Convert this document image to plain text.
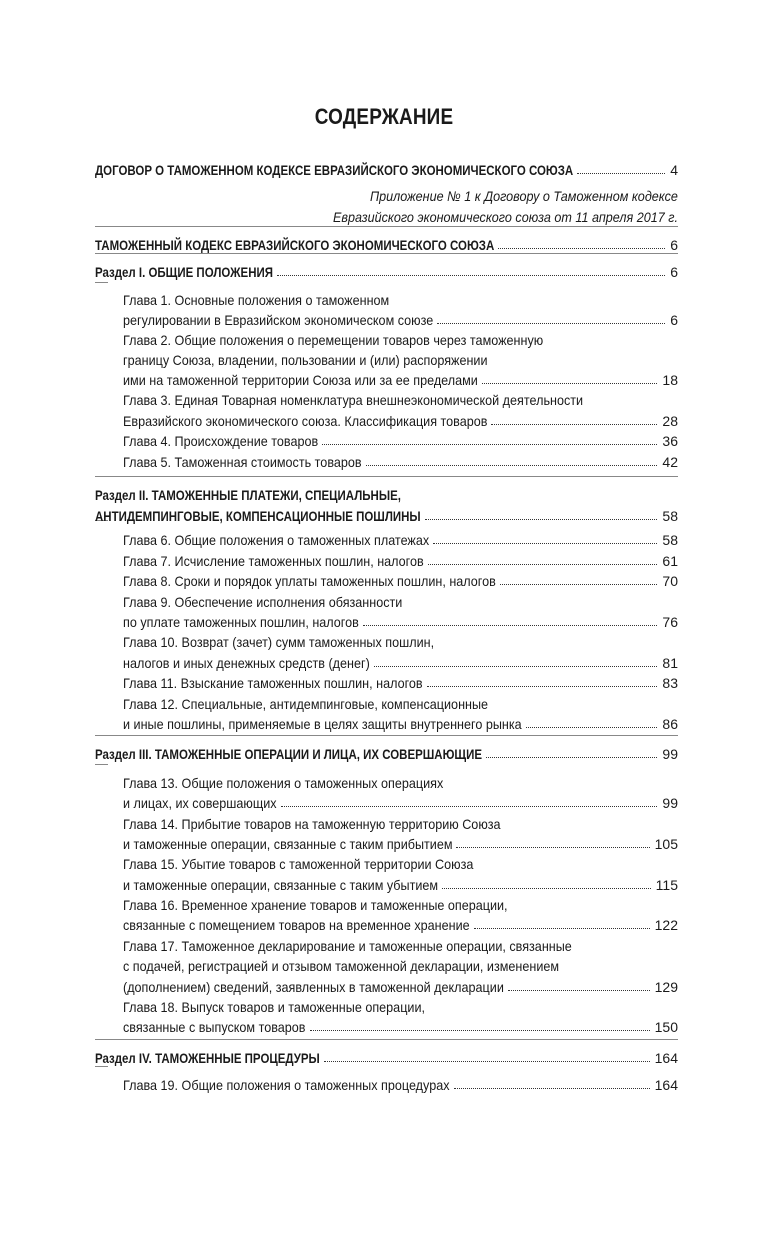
СОДЕРЖАНИЕ
ДОГОВОР О ТАМОЖЕННОМ КОДЕКСЕ ЕВРАЗИЙСКОГО ЭКОНОМИЧЕСКОГО СОЮЗА	4
Приложение № 1 к Договору о Таможенном кодексе
Евразийского экономического союза от 11 апреля 2017 г.
ТАМОЖЕННЫЙ КОДЕКС ЕВРАЗИЙСКОГО ЭКОНОМИЧЕСКОГО СОЮЗА	6
Раздел I. ОБЩИЕ ПОЛОЖЕНИЯ	6
Глава 1. Основные положения о таможенном
регулировании в Евразийском экономическом союзе	6
Глава 2. Общие положения о перемещении товаров через таможенную
границу Союза, владении, пользовании и (или) распоряжении
ими на таможенной территории Союза или за ее пределами	18
Глава 3. Единая Товарная номенклатура внешнеэкономической деятельности
Евразийского экономического союза. Классификация товаров	28
Глава 4. Происхождение товаров	36
Глава 5. Таможенная стоимость товаров	42
Раздел II. ТАМОЖЕННЫЕ ПЛАТЕЖИ, СПЕЦИАЛЬНЫЕ,
АНТИДЕМПИНГОВЫЕ, КОМПЕНСАЦИОННЫЕ ПОШЛИНЫ	58
Глава 6. Общие положения о таможенных платежах	58
Глава 7. Исчисление таможенных пошлин, налогов	61
Глава 8. Сроки и порядок уплаты таможенных пошлин, налогов	70
Глава 9. Обеспечение исполнения обязанности
по уплате таможенных пошлин, налогов	76
Глава 10. Возврат (зачет) сумм таможенных пошлин,
налогов и иных денежных средств (денег)	81
Глава 11. Взыскание таможенных пошлин, налогов	83
Глава 12. Специальные, антидемпинговые, компенсационные
и иные пошлины, применяемые в целях защиты внутреннего рынка	86
Раздел III. ТАМОЖЕННЫЕ ОПЕРАЦИИ И ЛИЦА, ИХ СОВЕРШАЮЩИЕ	99
Глава 13. Общие положения о таможенных операциях
и лицах, их совершающих	99
Глава 14. Прибытие товаров на таможенную территорию Союза
и таможенные операции, связанные с таким прибытием	105
Глава 15. Убытие товаров с таможенной территории Союза
и таможенные операции, связанные с таким убытием	115
Глава 16. Временное хранение товаров и таможенные операции,
связанные с помещением товаров на временное хранение	122
Глава 17. Таможенное декларирование и таможенные операции, связанные
с подачей, регистрацией и отзывом таможенной декларации, изменением
(дополнением) сведений, заявленных в таможенной декларации	129
Глава 18. Выпуск товаров и таможенные операции,
связанные с выпуском товаров	150
Раздел IV. ТАМОЖЕННЫЕ ПРОЦЕДУРЫ	164
Глава 19. Общие положения о таможенных процедурах	164
